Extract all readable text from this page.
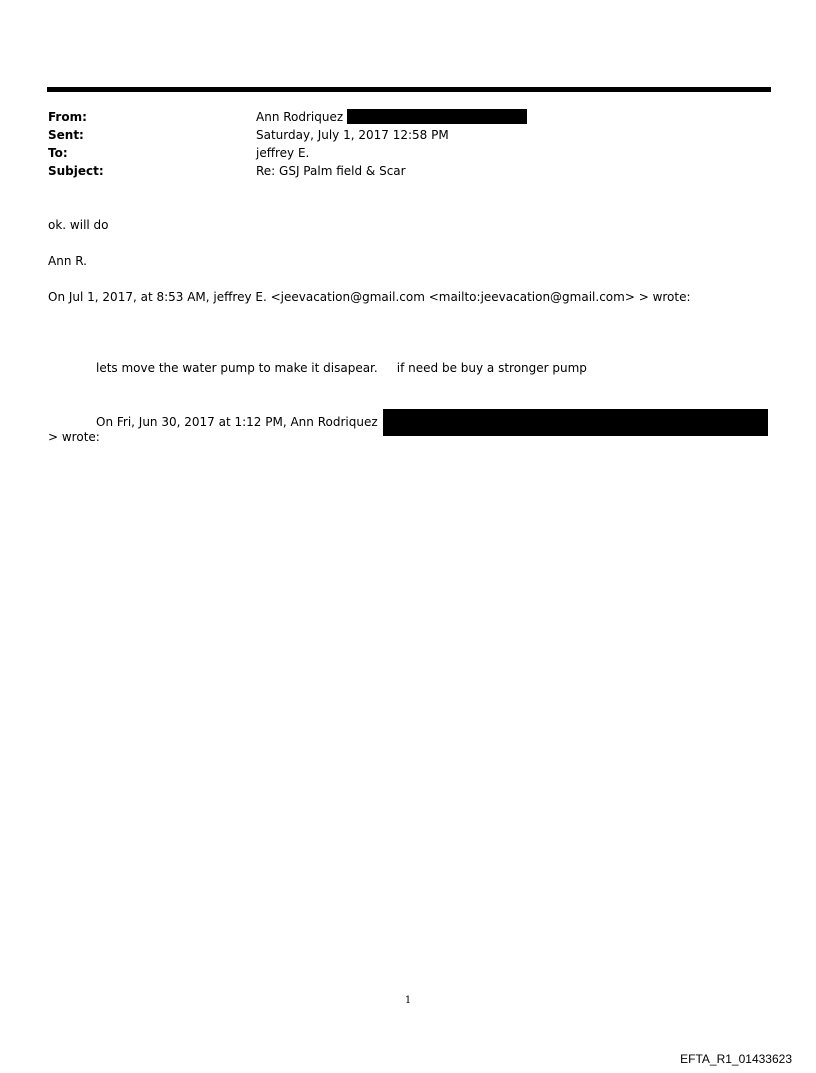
From:	Ann Rodriquez
Sent:	Saturday, July 1, 2017 12:58 PM
To:	jeffrey E.
Subject:	Re: GSJ Palm field & Scar
ok. will do
Ann R.
On Jul 1, 2017, at 8:53 AM, jeffrey E. <jeevacation@gmail.com <mailto:jeevacation@gmail.com> > wrote:
lets move the water pump to make it disapear.     if need be buy a stronger pump
On Fri, Jun 30, 2017 at 1:12 PM, Ann Rodriquez
> wrote:
1
EFTA_R1_01433623
